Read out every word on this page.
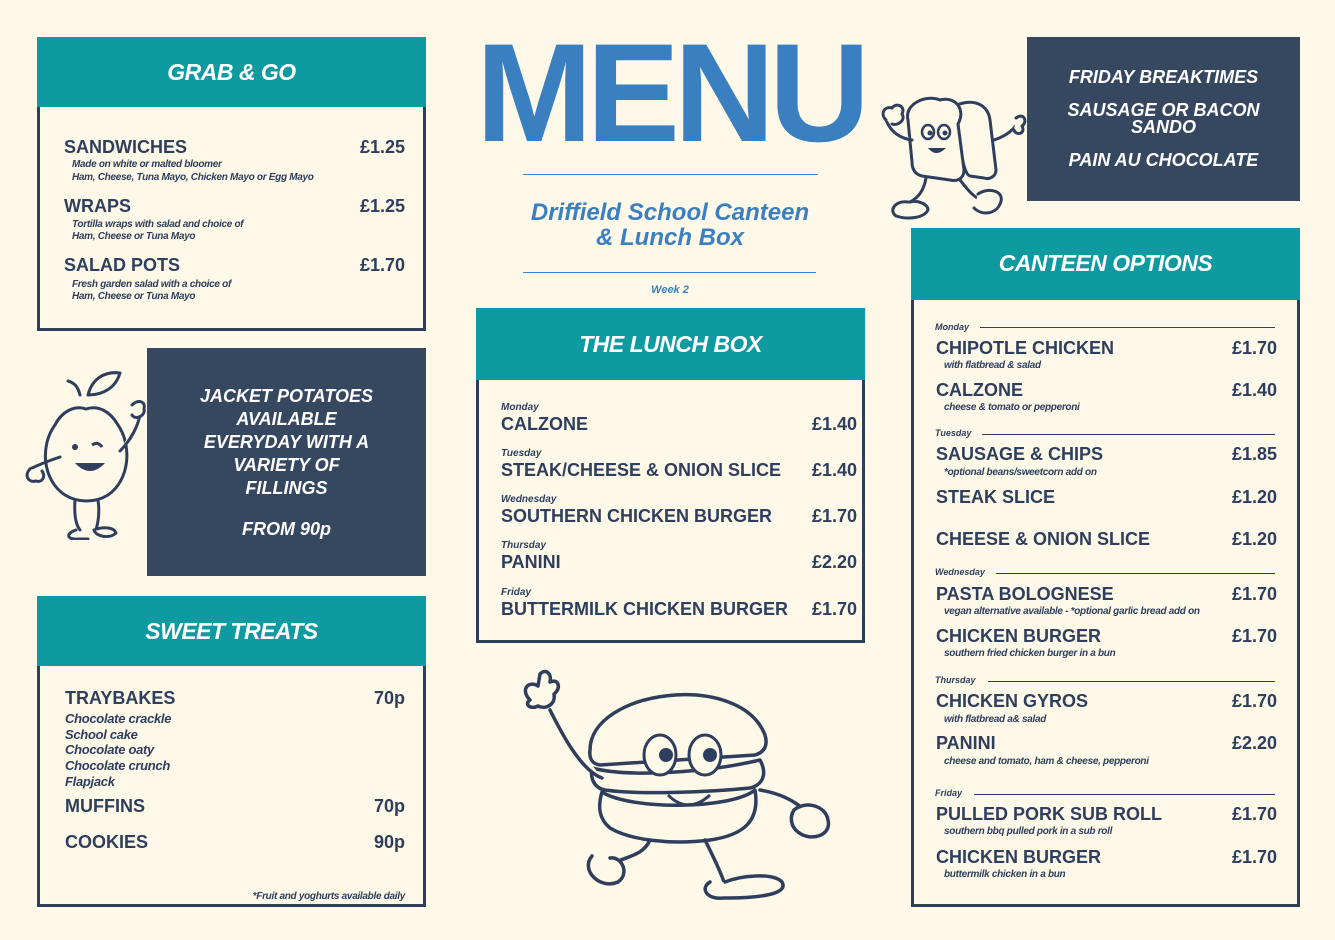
GRAB & GO
SANDWICHES	£1.25
Made on white or malted bloomer
Ham, Cheese, Tuna Mayo, Chicken Mayo or Egg Mayo
WRAPS	£1.25
Tortilla wraps with salad and choice of
Ham, Cheese or Tuna Mayo
SALAD POTS	£1.70
Fresh garden salad with a choice of
Ham, Cheese or Tuna Mayo
JACKET POTATOES
AVAILABLE
EVERYDAY WITH A
VARIETY OF
FILLINGS
FROM 90p
SWEET TREATS
TRAYBAKES	70p
Chocolate crackle
School cake
Chocolate oaty
Chocolate crunch
Flapjack
MUFFINS	70p
COOKIES	90p
*Fruit and yoghurts available daily
MENU
Driffield School Canteen
& Lunch Box
Week 2
THE LUNCH BOX
Monday
CALZONE	£1.40
Tuesday
STEAK/CHEESE & ONION SLICE £1.40
Wednesday
SOUTHERN CHICKEN BURGER £1.70
Thursday
PANINI	£2.20
Friday
BUTTERMILK CHICKEN BURGER £1.70
FRIDAY BREAKTIMES
SAUSAGE OR BACON
SANDO
PAIN AU CHOCOLATE
CANTEEN OPTIONS
Monday
CHIPOTLE CHICKEN	£1.70
with flatbread & salad
CALZONE	£1.40
cheese & tomato or pepperoni
Tuesday
SAUSAGE & CHIPS	£1.85
*optional beans/sweetcorn add on
STEAK SLICE	£1.20
CHEESE & ONION SLICE	£1.20
Wednesday
PASTA BOLOGNESE	£1.70
vegan alternative available - *optional garlic bread add on
CHICKEN BURGER	£1.70
southern fried chicken burger in a bun
Thursday
CHICKEN GYROS	£1.70
with flatbread a& salad
PANINI	£2.20
cheese and tomato, ham & cheese, pepperoni
Friday
PULLED PORK SUB ROLL	£1.70
southern bbq pulled pork in a sub roll
CHICKEN BURGER	£1.70
buttermilk chicken in a bun
